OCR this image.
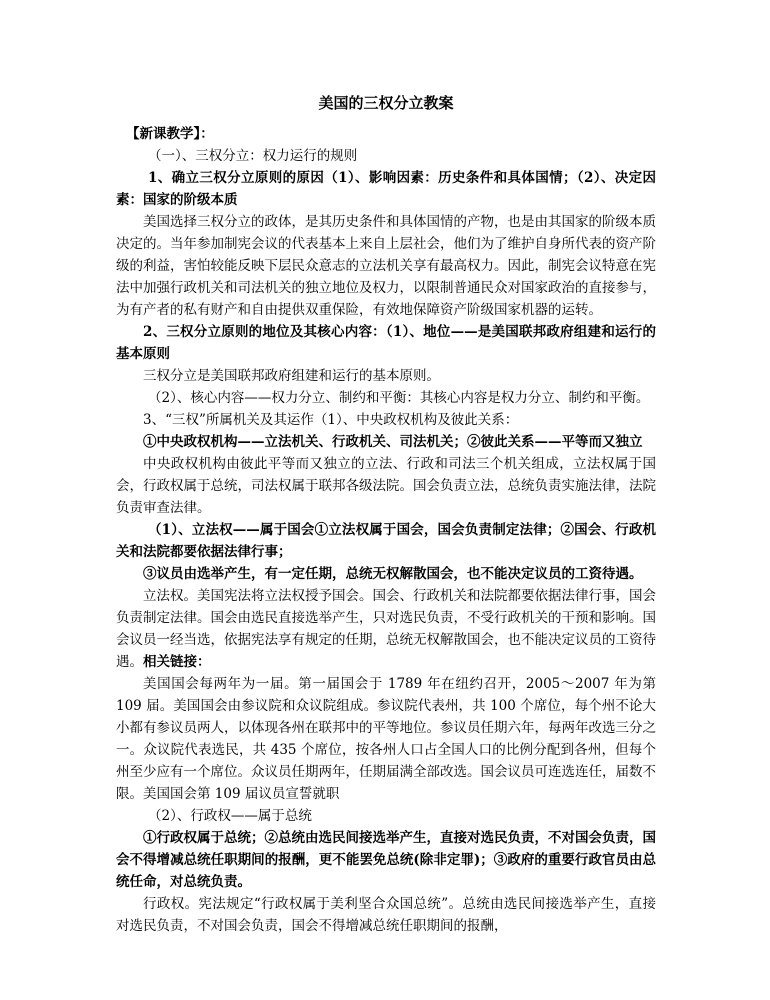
美国的三权分立教案

【新课教学】：

（一）、三权分立：权力运行的规则

1、确立三权分立原则的原因（1）、影响因素：历史条件和具体国情；（2）、决定因素：国家的阶级本质

美国选择三权分立的政体，是其历史条件和具体国情的产物，也是由其国家的阶级本质决定的。当年参加制宪会议的代表基本上来自上层社会，他们为了维护自身所代表的资产阶级的利益，害怕较能反映下层民众意志的立法机关享有最高权力。因此，制宪会议特意在宪法中加强行政机关和司法机关的独立地位及权力，以限制普通民众对国家政治的直接参与，为有产者的私有财产和自由提供双重保险，有效地保障资产阶级国家机器的运转。

2、三权分立原则的地位及其核心内容：（1）、地位——是美国联邦政府组建和运行的基本原则

三权分立是美国联邦政府组建和运行的基本原则。

（2）、核心内容——权力分立、制约和平衡：其核心内容是权力分立、制约和平衡。

3、“三权”所属机关及其运作（1）、中央政权机构及彼此关系：

①中央政权机构——立法机关、行政机关、司法机关；②彼此关系——平等而又独立

中央政权机构由彼此平等而又独立的立法、行政和司法三个机关组成，立法权属于国会，行政权属于总统，司法权属于联邦各级法院。国会负责立法，总统负责实施法律，法院负责审查法律。

（1）、立法权——属于国会①立法权属于国会，国会负责制定法律；②国会、行政机关和法院都要依据法律行事；

③议员由选举产生，有一定任期，总统无权解散国会，也不能决定议员的工资待遇。

立法权。美国宪法将立法权授予国会。国会、行政机关和法院都要依据法律行事，国会负责制定法律。国会由选民直接选举产生，只对选民负责，不受行政机关的干预和影响。国会议员一经当选，依据宪法享有规定的任期，总统无权解散国会，也不能决定议员的工资待遇。相关链接：

美国国会每两年为一届。第一届国会于 1789 年在纽约召开，2005～2007 年为第 109 届。美国国会由参议院和众议院组成。参议院代表州，共 100 个席位，每个州不论大小都有参议员两人，以体现各州在联邦中的平等地位。参议员任期六年，每两年改选三分之一。众议院代表选民，共 435 个席位，按各州人口占全国人口的比例分配到各州，但每个州至少应有一个席位。众议员任期两年，任期届满全部改选。国会议员可连选连任，届数不限。美国国会第 109 届议员宣誓就职

（2）、行政权——属于总统

①行政权属于总统；②总统由选民间接选举产生，直接对选民负责，不对国会负责，国会不得增减总统任职期间的报酬，更不能罢免总统(除非定罪)；③政府的重要行政官员由总统任命，对总统负责。

行政权。宪法规定“行政权属于美利坚合众国总统”。总统由选民间接选举产生，直接对选民负责，不对国会负责，国会不得增减总统任职期间的报酬，
